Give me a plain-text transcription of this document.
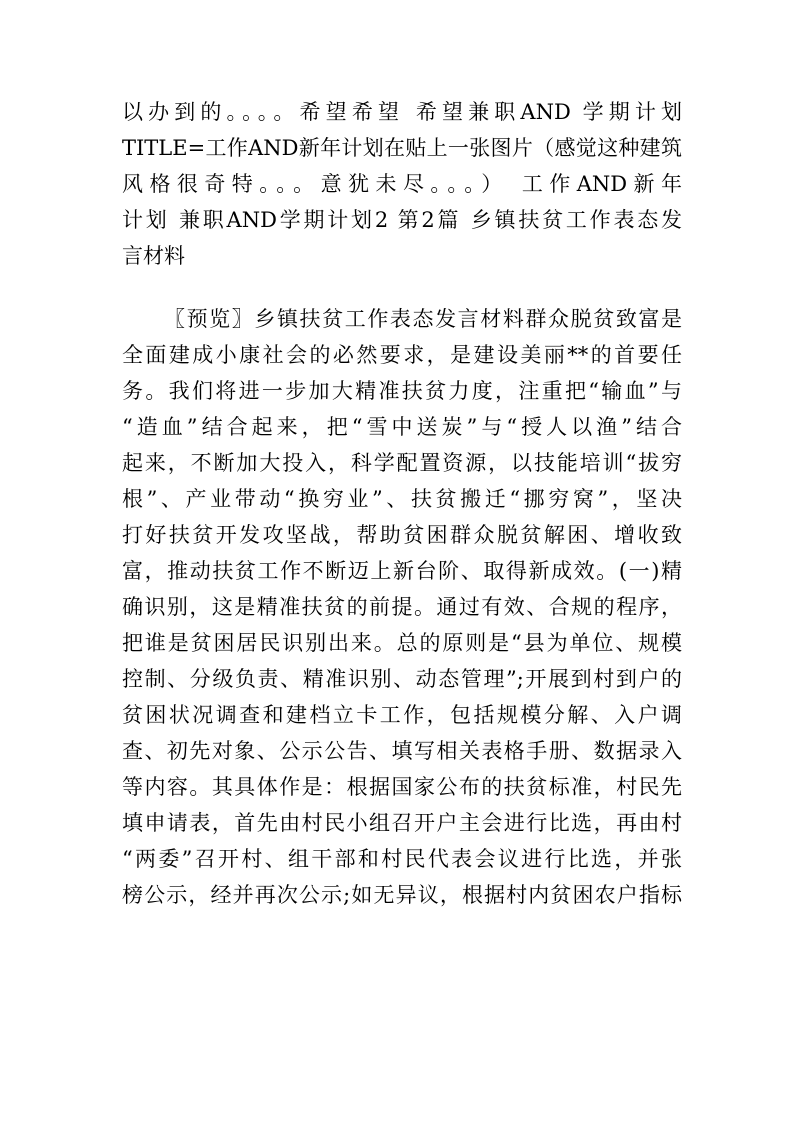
以办到的。。。。希望希望 希望兼职AND 学期计划
TITLE=工作AND新年计划在贴上一张图片（感觉这种建筑
风格很奇特。。。意犹未尽。。。） 工作AND新年
计划 兼职AND学期计划2 第2篇 乡镇扶贫工作表态发
言材料
〖预览〗乡镇扶贫工作表态发言材料群众脱贫致富是
全面建成小康社会的必然要求，是建设美丽**的首要任
务。我们将进一步加大精准扶贫力度，注重把“输血”与
“造血”结合起来，把“雪中送炭”与“授人以渔”结合
起来，不断加大投入，科学配置资源，以技能培训“拔穷
根”、产业带动“换穷业”、扶贫搬迁“挪穷窝”，坚决
打好扶贫开发攻坚战，帮助贫困群众脱贫解困、增收致
富，推动扶贫工作不断迈上新台阶、取得新成效。(一)精
确识别，这是精准扶贫的前提。通过有效、合规的程序，
把谁是贫困居民识别出来。总的原则是“县为单位、规模
控制、分级负责、精准识别、动态管理”;开展到村到户的
贫困状况调查和建档立卡工作，包括规模分解、入户调
查、初先对象、公示公告、填写相关表格手册、数据录入
等内容。其具体作是：根据国家公布的扶贫标准，村民先
填申请表，首先由村民小组召开户主会进行比选，再由村
“两委”召开村、组干部和村民代表会议进行比选，并张
榜公示，经并再次公示;如无异议，根据村内贫困农户指标
